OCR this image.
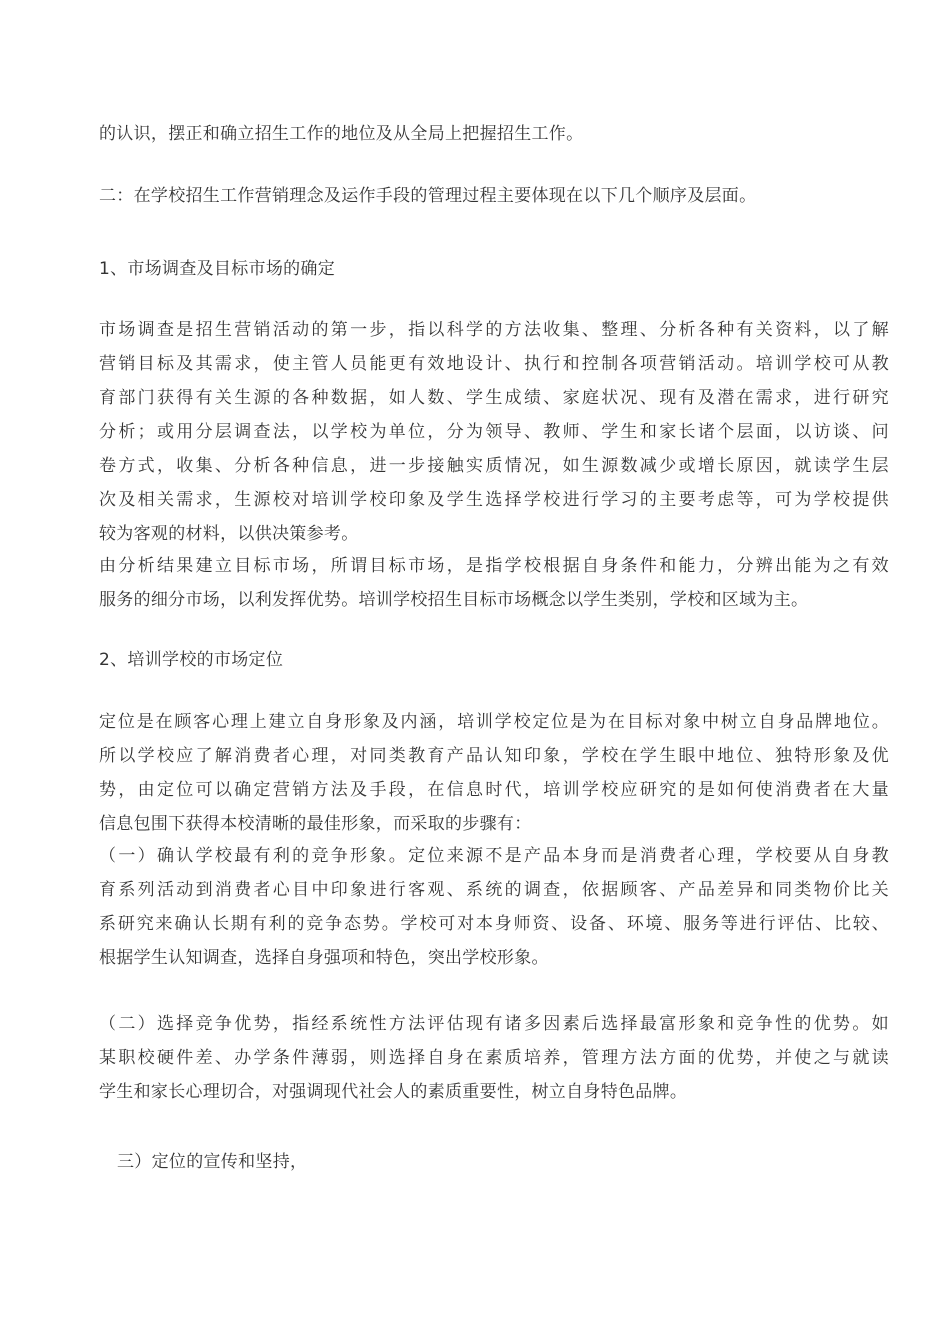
的认识，摆正和确立招生工作的地位及从全局上把握招生工作。
二：在学校招生工作营销理念及运作手段的管理过程主要体现在以下几个顺序及层面。
1、市场调查及目标市场的确定
市场调查是招生营销活动的第一步，指以科学的方法收集、整理、分析各种有关资料，以了解
营销目标及其需求，使主管人员能更有效地设计、执行和控制各项营销活动。培训学校可从教
育部门获得有关生源的各种数据，如人数、学生成绩、家庭状况、现有及潜在需求，进行研究
分析；或用分层调查法，以学校为单位，分为领导、教师、学生和家长诸个层面，以访谈、问
卷方式，收集、分析各种信息，进一步接触实质情况，如生源数减少或增长原因，就读学生层
次及相关需求，生源校对培训学校印象及学生选择学校进行学习的主要考虑等，可为学校提供
较为客观的材料，以供决策参考。
由分析结果建立目标市场，所谓目标市场，是指学校根据自身条件和能力，分辨出能为之有效
服务的细分市场，以利发挥优势。培训学校招生目标市场概念以学生类别，学校和区域为主。
2、培训学校的市场定位
定位是在顾客心理上建立自身形象及内涵，培训学校定位是为在目标对象中树立自身品牌地位。
所以学校应了解消费者心理，对同类教育产品认知印象，学校在学生眼中地位、独特形象及优
势，由定位可以确定营销方法及手段，在信息时代，培训学校应研究的是如何使消费者在大量
信息包围下获得本校清晰的最佳形象，而采取的步骤有：
（一）确认学校最有利的竞争形象。定位来源不是产品本身而是消费者心理，学校要从自身教
育系列活动到消费者心目中印象进行客观、系统的调查，依据顾客、产品差异和同类物价比关
系研究来确认长期有利的竞争态势。学校可对本身师资、设备、环境、服务等进行评估、比较、
根据学生认知调查，选择自身强项和特色，突出学校形象。
（二）选择竞争优势，指经系统性方法评估现有诸多因素后选择最富形象和竞争性的优势。如
某职校硬件差、办学条件薄弱，则选择自身在素质培养，管理方法方面的优势，并使之与就读
学生和家长心理切合，对强调现代社会人的素质重要性，树立自身特色品牌。
三）定位的宣传和坚持，
